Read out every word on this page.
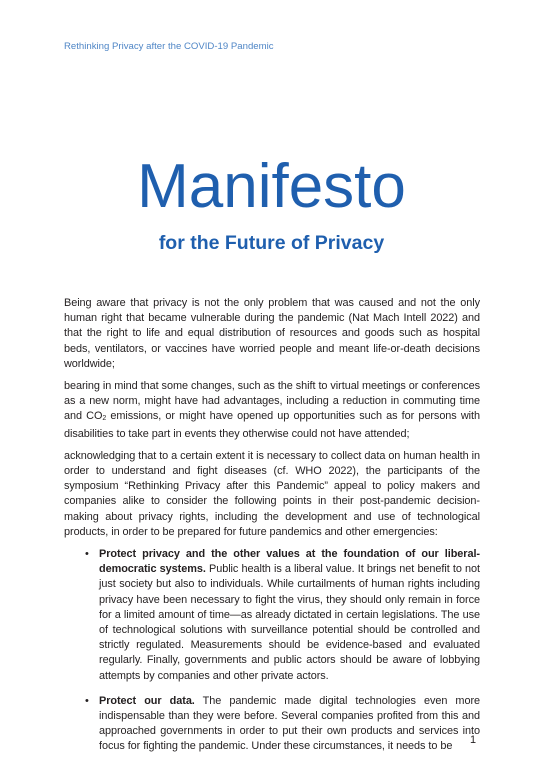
Rethinking Privacy after the COVID-19 Pandemic
Manifesto
for the Future of Privacy

Being aware that privacy is not the only problem that was caused and not the only human right that became vulnerable during the pandemic (Nat Mach Intell 2022) and that the right to life and equal distribution of resources and goods such as hospital beds, ventilators, or vaccines have worried people and meant life-or-death decisions worldwide;

bearing in mind that some changes, such as the shift to virtual meetings or conferences as a new norm, might have had advantages, including a reduction in commuting time and $CO_2$ emissions, or might have opened up opportunities such as for persons with disabilities to take part in events they otherwise could not have attended;

acknowledging that to a certain extent it is necessary to collect data on human health in order to understand and fight diseases (cf. WHO 2022), the participants of the symposium “Rethinking Privacy after this Pandemic” appeal to policy makers and companies alike to consider the following points in their post-pandemic decision-making about privacy rights, including the development and use of technological products, in order to be prepared for future pandemics and other emergencies:

• Protect privacy and the other values at the foundation of our liberal-democratic systems. Public health is a liberal value. It brings net benefit to not just society but also to individuals. While curtailments of human rights including privacy have been necessary to fight the virus, they should only remain in force for a limited amount of time—as already dictated in certain legislations. The use of technological solutions with surveillance potential should be controlled and strictly regulated. Measurements should be evidence-based and evaluated regularly. Finally, governments and public actors should be aware of lobbying attempts by companies and other private actors.
• Protect our data. The pandemic made digital technologies even more indispensable than they were before. Several companies profited from this and approached governments in order to put their own products and services into focus for fighting the pandemic. Under these circumstances, it needs to be
1
